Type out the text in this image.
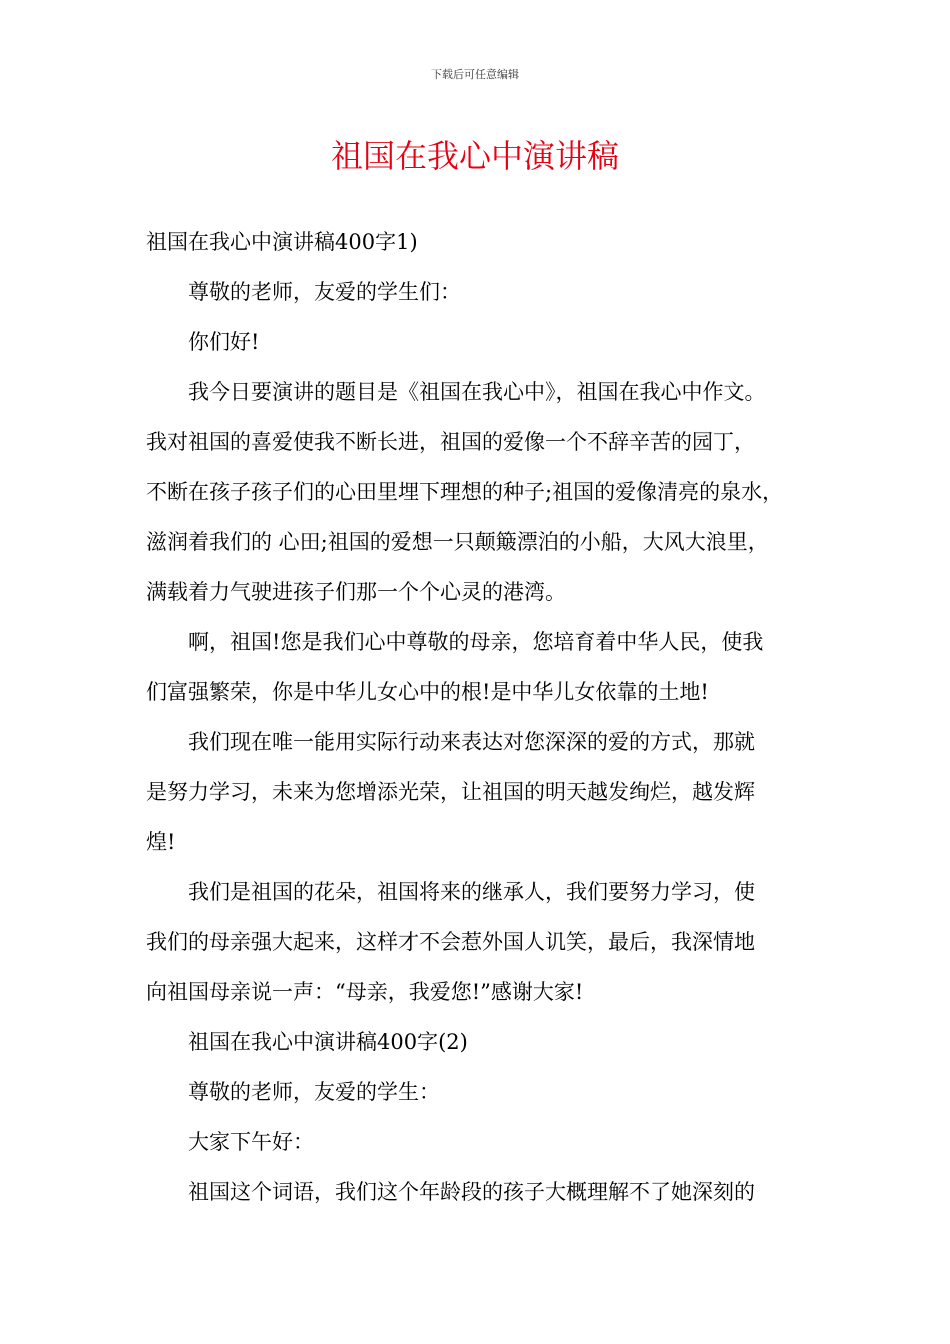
下载后可任意编辑
祖国在我心中演讲稿
祖国在我心中演讲稿400字1)
尊敬的老师，友爱的学生们：
你们好!
我今日要演讲的题目是《祖国在我心中》，祖国在我心中作文。
我对祖国的喜爱使我不断长进，祖国的爱像一个不辞辛苦的园丁，
不断在孩子孩子们的心田里埋下理想的种子;祖国的爱像清亮的泉水，
滋润着我们的 心田;祖国的爱想一只颠簸漂泊的小船，大风大浪里，
满载着力气驶进孩子们那一个个心灵的港湾。
啊，祖国!您是我们心中尊敬的母亲，您培育着中华人民，使我
们富强繁荣，你是中华儿女心中的根!是中华儿女依靠的土地!
我们现在唯一能用实际行动来表达对您深深的爱的方式，那就
是努力学习，未来为您增添光荣，让祖国的明天越发绚烂，越发辉
煌!
我们是祖国的花朵，祖国将来的继承人，我们要努力学习，使
我们的母亲强大起来，这样才不会惹外国人讥笑，最后，我深情地
向祖国母亲说一声：“母亲，我爱您!”感谢大家!
祖国在我心中演讲稿400字(2)
尊敬的老师，友爱的学生：
大家下午好：
祖国这个词语，我们这个年龄段的孩子大概理解不了她深刻的
